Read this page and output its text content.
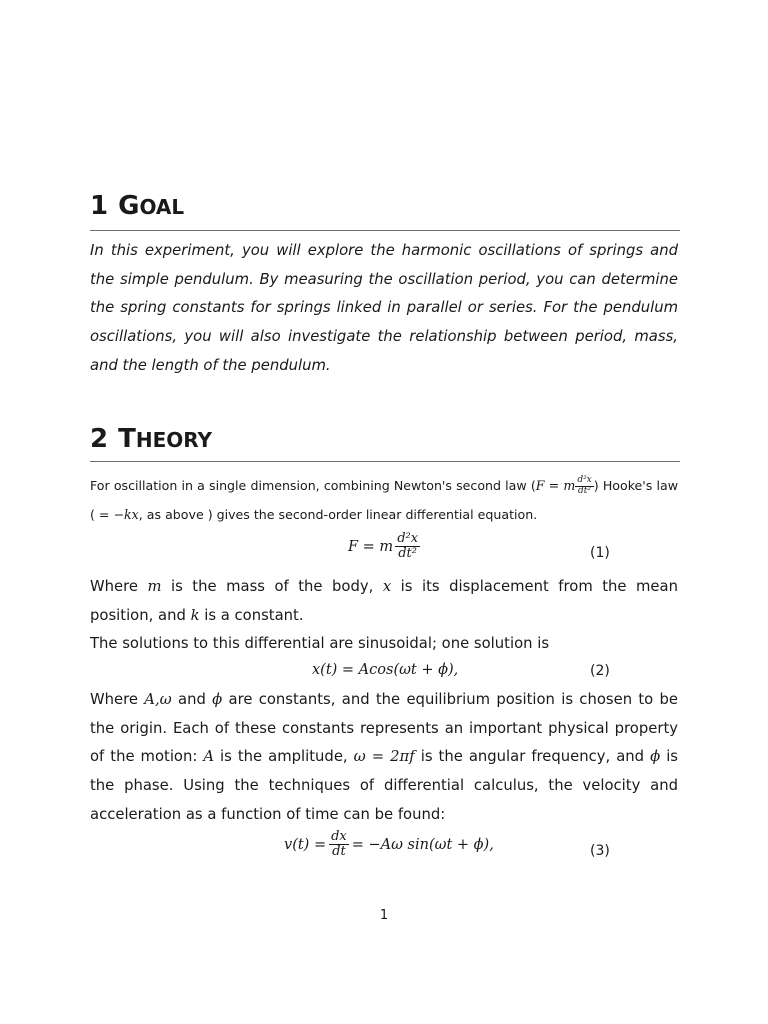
1 GOAL

In this experiment, you will explore the harmonic oscillations of springs and the simple pendulum. By measuring the oscillation period, you can determine the spring constants for springs linked in parallel or series. For the pendulum oscillations, you will also investigate the relationship between period, mass, and the length of the pendulum.

2 THEORY

For oscillation in a single dimension, combining Newton's second law (F = m $\frac{\text{d²x}}{\text{dt²}}$ ) Hooke's law ( = −kx, as above ) gives the second-order linear differential equation.

F = m $\frac{\text{d²x}}{\text{dt²}}$	(1)

Where m is the mass of the body, x is its displacement from the mean position, and k is a constant.

The solutions to this differential are sinusoidal; one solution is

x(t) = Acos(ωt + ϕ),	(2)

Where A,ω and ϕ are constants, and the equilibrium position is chosen to be the origin. Each of these constants represents an important physical property of the motion: A is the amplitude, ω = 2πf is the angular frequency, and ϕ is the phase. Using the techniques of differential calculus, the velocity and acceleration as a function of time can be found:

$v(t) = \frac{dx}{dt} = -A\omega$ sin(ωt + ϕ),	(3)
1
